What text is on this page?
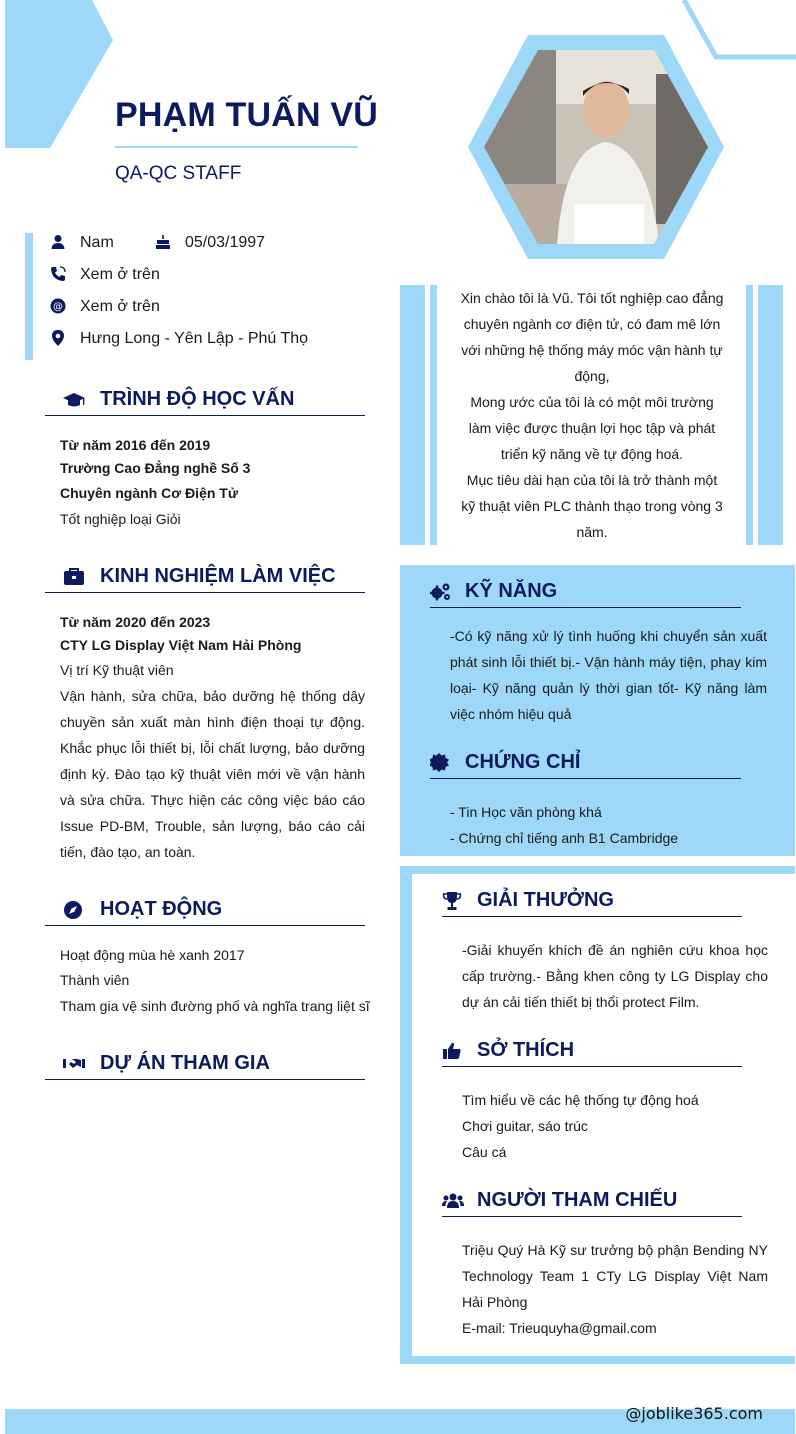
PHẠM TUẤN VŨ
QA-QC STAFF
Nam	05/03/1997
Xem ở trên
@ Xem ở trên
Hưng Long - Yên Lập - Phú Thọ
TRÌNH ĐỘ HỌC VẤN
Từ năm 2016 đến 2019
Trường Cao Đẳng nghề Số 3
Chuyên ngành Cơ Điện Tử
Tốt nghiệp loại Giỏi
KINH NGHIỆM LÀM VIỆC
Từ năm 2020 đến 2023
CTY LG Display Việt Nam Hải Phòng
Vị trí Kỹ thuật viên
Vận hành, sửa chữa, bảo dưỡng hệ thống dây chuyền sản xuất màn hình điện thoại tự động. Khắc phục lỗi thiết bị, lỗi chất lượng, bảo dưỡng định kỳ. Đào tạo kỹ thuật viên mới về vận hành và sửa chữa. Thực hiện các công việc báo cáo Issue PD-BM, Trouble, sản lượng, báo cáo cải tiến, đào tạo, an toàn.
HOẠT ĐỘNG
Hoạt động mùa hè xanh 2017
Thành viên
Tham gia vệ sinh đường phố và nghĩa trang liệt sĩ
DỰ ÁN THAM GIA
Xin chào tôi là Vũ. Tôi tốt nghiệp cao đẳng chuyên ngành cơ điện tử, có đam mê lớn với những hệ thống máy móc vận hành tự động,
Mong ước của tôi là có một môi trường làm việc được thuận lợi học tập và phát triển kỹ năng về tự động hoá.
Mục tiêu dài hạn của tôi là trở thành một kỹ thuật viên PLC thành thạo trong vòng 3 năm.
KỸ NĂNG
-Có kỹ năng xử lý tình huống khi chuyển sản xuất phát sinh lỗi thiết bị.- Vận hành máy tiện, phay kim loại- Kỹ năng quản lý thời gian tốt- Kỹ năng làm việc nhóm hiệu quả
CHỨNG CHỈ
- Tin Học văn phòng khá
- Chứng chỉ tiếng anh B1 Cambridge
GIẢI THƯỞNG
-Giải khuyến khích đề án nghiên cứu khoa học cấp trường.- Bằng khen công ty LG Display cho dự án cải tiến thiết bị thổi protect Film.
SỞ THÍCH
Tìm hiểu về các hệ thống tự động hoá
Chơi guitar, sáo trúc
Câu cá
NGƯỜI THAM CHIẾU
Triệu Quý Hà Kỹ sư trưởng bộ phận Bending NY Technology Team 1 CTy LG Display Việt Nam Hải Phòng
E-mail: Trieuquyha@gmail.com
@joblike365.com
